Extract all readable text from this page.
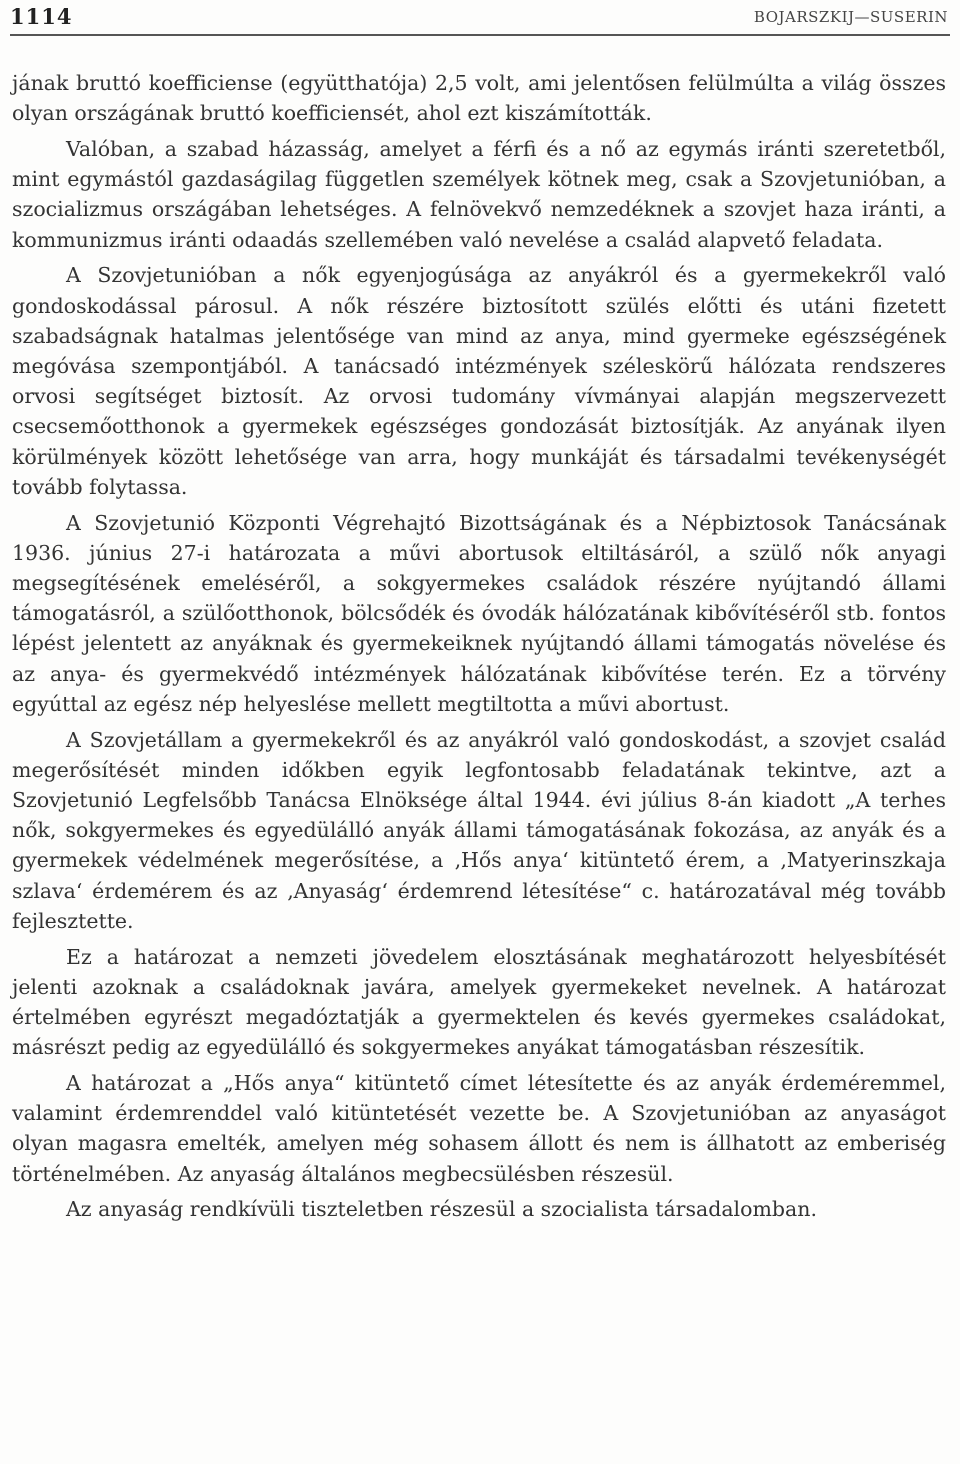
1114	BOJARSZKIJ—SUSERIN

jának bruttó koefficiense (együtthatója) 2,5 volt, ami jelentősen felülmúlta a világ összes olyan országának bruttó koefficiensét, ahol ezt kiszámították.

Valóban, a szabad házasság, amelyet a férfi és a nő az egymás iránti szeretetből, mint egymástól gazdaságilag független személyek kötnek meg, csak a Szovjetunióban, a szocializmus országában lehetséges. A felnövekvő nemzedéknek a szovjet haza iránti, a kommunizmus iránti odaadás szellemében való nevelése a család alapvető feladata.

A Szovjetunióban a nők egyenjogúsága az anyákról és a gyermekekről való gondoskodással párosul. A nők részére biztosított szülés előtti és utáni fizetett szabadságnak hatalmas jelentősége van mind az anya, mind gyermeke egészségének megóvása szempontjából. A tanácsadó intézmények széleskörű hálózata rendszeres orvosi segítséget biztosít. Az orvosi tudomány vívmányai alapján megszervezett csecsemőotthonok a gyermekek egészséges gondozását biztosítják. Az anyának ilyen körülmények között lehetősége van arra, hogy munkáját és társadalmi tevékenységét tovább folytassa.

A Szovjetunió Központi Végrehajtó Bizottságának és a Népbiztosok Tanácsának 1936. június 27-i határozata a művi abortusok eltiltásáról, a szülő nők anyagi megsegítésének emeléséről, a sokgyermekes családok részére nyújtandó állami támogatásról, a szülőotthonok, bölcsődék és óvodák hálózatának kibővítéséről stb. fontos lépést jelentett az anyáknak és gyermekeiknek nyújtandó állami támogatás növelése és az anya- és gyermekvédő intézmények hálózatának kibővítése terén. Ez a törvény egyúttal az egész nép helyeslése mellett megtiltotta a művi abortust.

A Szovjetállam a gyermekekről és az anyákról való gondoskodást, a szovjet család megerősítését minden időkben egyik legfontosabb feladatának tekintve, azt a Szovjetunió Legfelsőbb Tanácsa Elnöksége által 1944. évi július 8-án kiadott „A terhes nők, sokgyermekes és egyedülálló anyák állami támogatásának fokozása, az anyák és a gyermekek védelmének megerősítése, a ‚Hős anya‘ kitüntető érem, a ‚Matyerinszkaja szlava‘ érdemérem és az ‚Anyaság‘ érdemrend létesítése“ c. határozatával még tovább fejlesztette.

Ez a határozat a nemzeti jövedelem elosztásának meghatározott helyesbítését jelenti azoknak a családoknak javára, amelyek gyermekeket nevelnek. A határozat értelmében egyrészt megadóztatják a gyermektelen és kevés gyermekes családokat, másrészt pedig az egyedülálló és sokgyermekes anyákat támogatásban részesítik.

A határozat a „Hős anya“ kitüntető címet létesítette és az anyák érdeméremmel, valamint érdemrenddel való kitüntetését vezette be. A Szovjetunióban az anyaságot olyan magasra emelték, amelyen még sohasem állott és nem is állhatott az emberiség történelmében. Az anyaság általános megbecsülésben részesül.

Az anyaság rendkívüli tiszteletben részesül a szocialista társadalomban.
